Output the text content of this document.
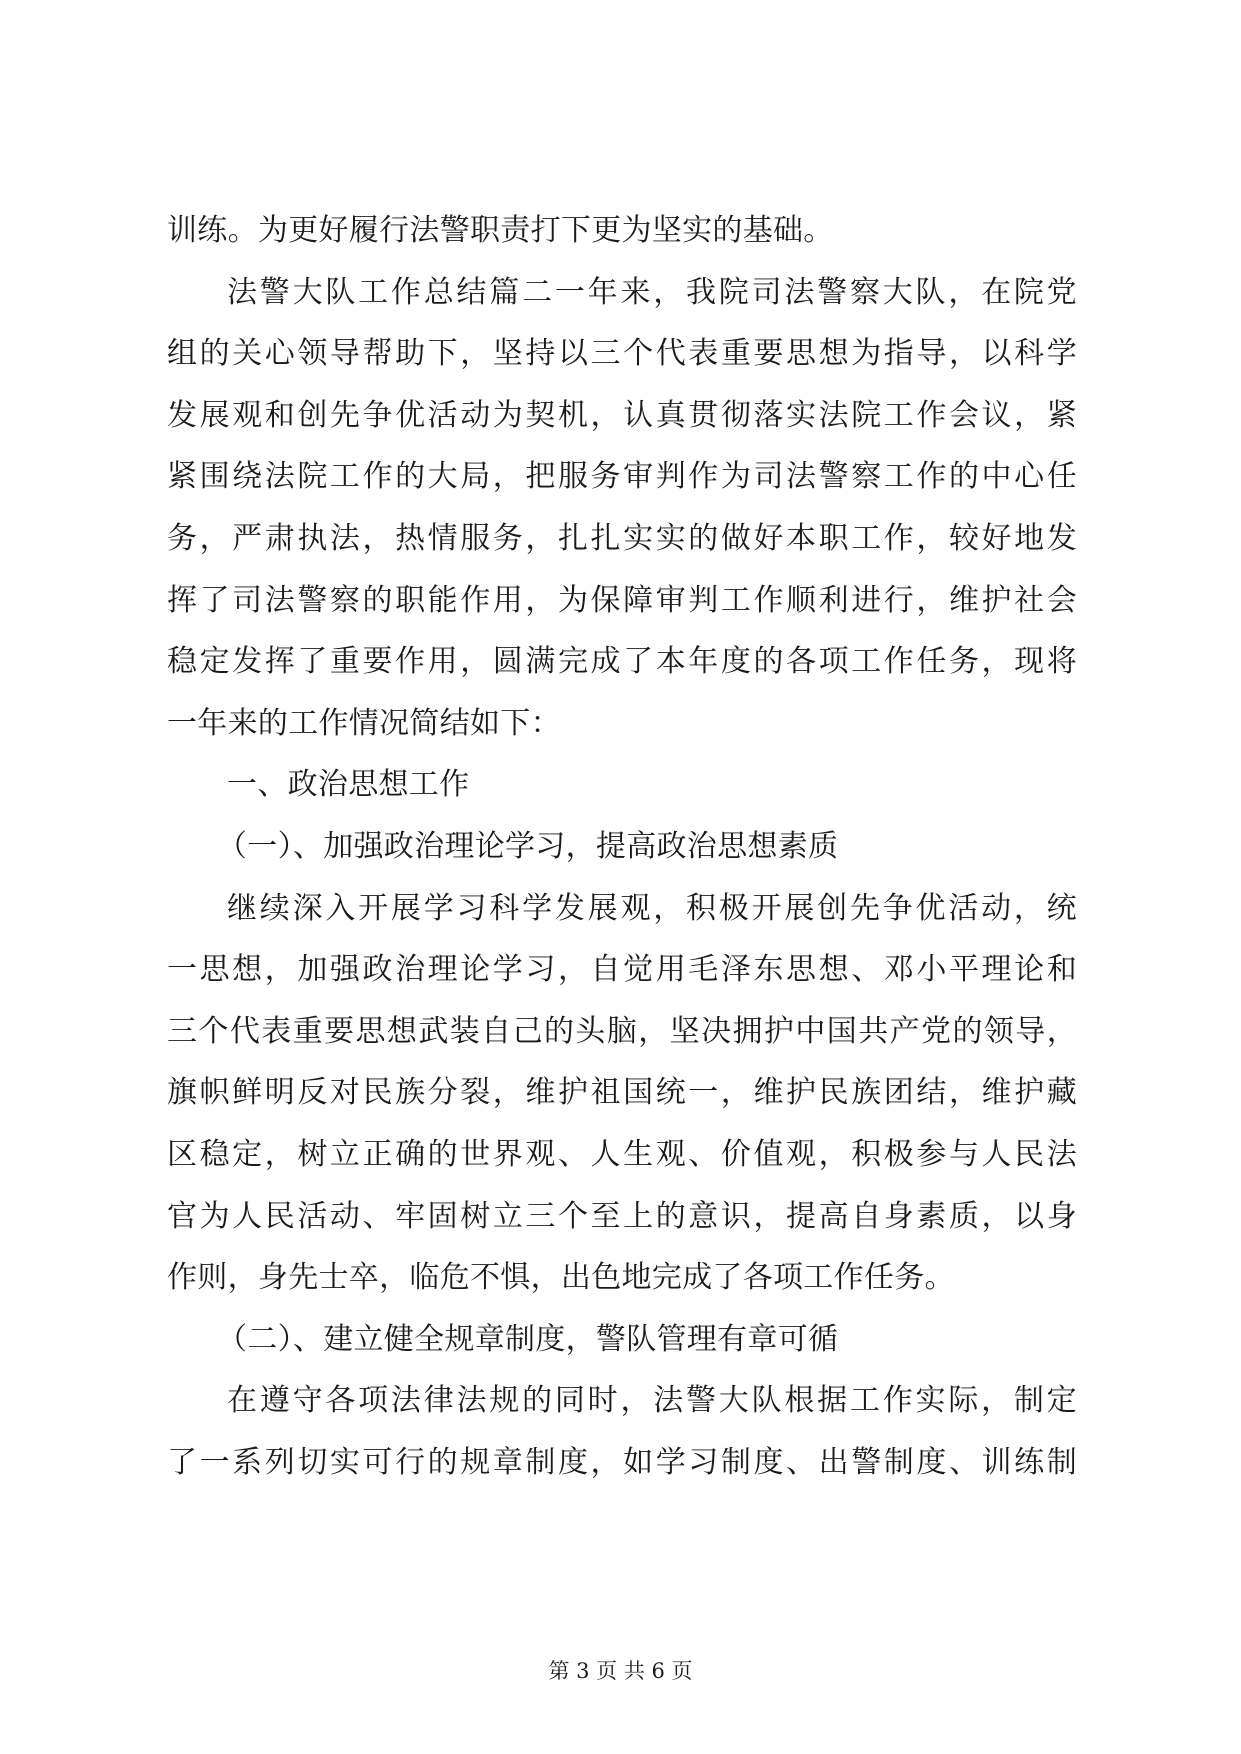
训练。为更好履行法警职责打下更为坚实的基础。
法警大队工作总结篇二一年来，我院司法警察大队，在院党
组的关心领导帮助下，坚持以三个代表重要思想为指导，以科学
发展观和创先争优活动为契机，认真贯彻落实法院工作会议，紧
紧围绕法院工作的大局，把服务审判作为司法警察工作的中心任
务，严肃执法，热情服务，扎扎实实的做好本职工作，较好地发
挥了司法警察的职能作用，为保障审判工作顺利进行，维护社会
稳定发挥了重要作用，圆满完成了本年度的各项工作任务，现将
一年来的工作情况简结如下：
一、政治思想工作
（一）、加强政治理论学习，提高政治思想素质
继续深入开展学习科学发展观，积极开展创先争优活动，统
一思想，加强政治理论学习，自觉用毛泽东思想、邓小平理论和
三个代表重要思想武装自己的头脑，坚决拥护中国共产党的领导，
旗帜鲜明反对民族分裂，维护祖国统一，维护民族团结，维护藏
区稳定，树立正确的世界观、人生观、价值观，积极参与人民法
官为人民活动、牢固树立三个至上的意识，提高自身素质，以身
作则，身先士卒，临危不惧，出色地完成了各项工作任务。
（二）、建立健全规章制度，警队管理有章可循
在遵守各项法律法规的同时，法警大队根据工作实际，制定
了一系列切实可行的规章制度，如学习制度、出警制度、训练制
第 3 页 共 6 页
